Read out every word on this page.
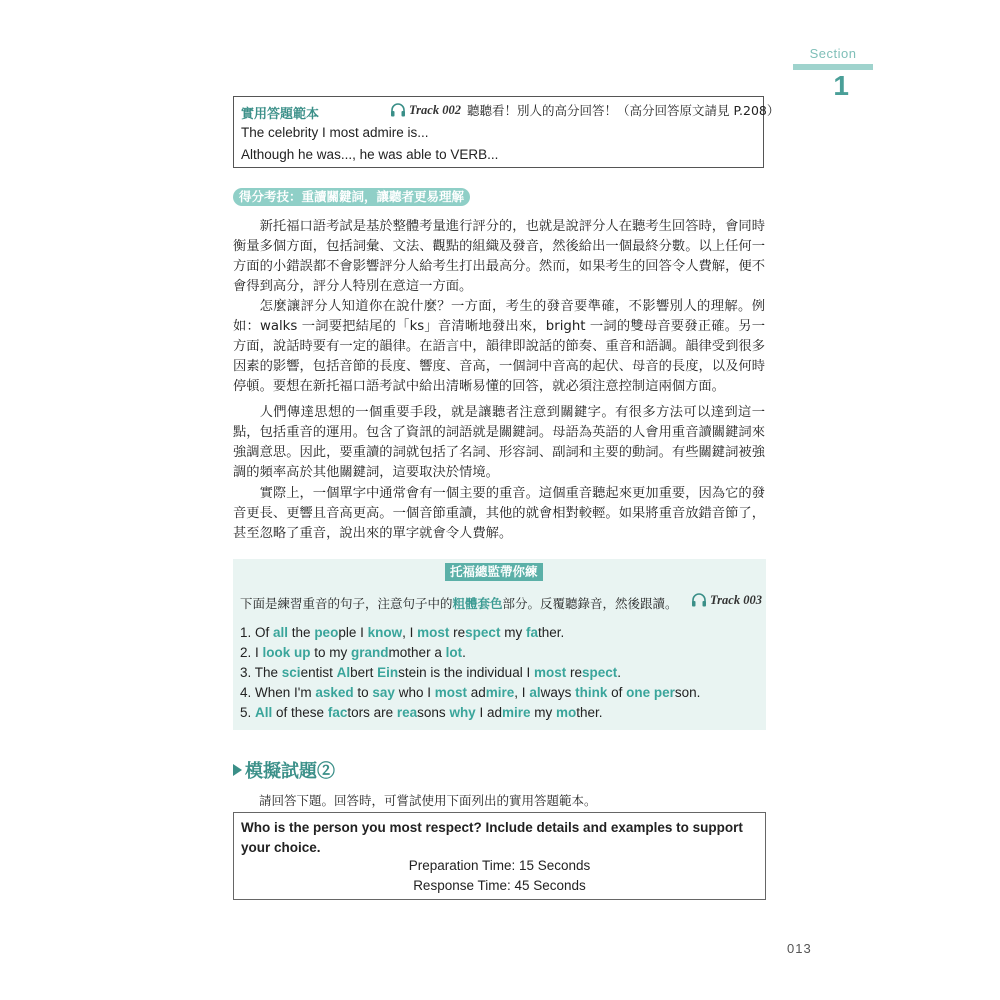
Section
1
實用答題範本	Track 002 聽聽看！別人的高分回答！（高分回答原文請見 P.208）
The celebrity I most admire is...
Although he was..., he was able to VERB...
得分考技：重讀關鍵詞，讓聽者更易理解

新托福口語考試是基於整體考量進行評分的，也就是說評分人在聽考生回答時，會同時衡量多個方面，包括詞彙、文法、觀點的組織及發音，然後給出一個最終分數。以上任何一方面的小錯誤都不會影響評分人給考生打出最高分。然而，如果考生的回答令人費解，便不會得到高分，評分人特別在意這一方面。

怎麼讓評分人知道你在說什麼？一方面，考生的發音要準確，不影響別人的理解。例如：walks 一詞要把結尾的「ks」音清晰地發出來，bright 一詞的雙母音要發正確。另一方面，說話時要有一定的韻律。在語言中，韻律即說話的節奏、重音和語調。韻律受到很多因素的影響，包括音節的長度、響度、音高，一個詞中音高的起伏、母音的長度，以及何時停頓。要想在新托福口語考試中給出清晰易懂的回答，就必須注意控制這兩個方面。

人們傳達思想的一個重要手段，就是讓聽者注意到關鍵字。有很多方法可以達到這一點，包括重音的運用。包含了資訊的詞語就是關鍵詞。母語為英語的人會用重音讀關鍵詞來強調意思。因此，要重讀的詞就包括了名詞、形容詞、副詞和主要的動詞。有些關鍵詞被強調的頻率高於其他關鍵詞，這要取決於情境。

實際上，一個單字中通常會有一個主要的重音。這個重音聽起來更加重要，因為它的發音更長、更響且音高更高。一個音節重讀，其他的就會相對較輕。如果將重音放錯音節了，甚至忽略了重音，說出來的單字就會令人費解。

托福總監帶你練
下面是練習重音的句子，注意句子中的粗體套色部分。反覆聽錄音，然後跟讀。	Track 003
1. Of all the people I know, I most respect my father.
2. I look up to my grandmother a lot.
3. The scientist Albert Einstein is the individual I most respect.
4. When I'm asked to say who I most admire, I always think of one person.
5. All of these factors are reasons why I admire my mother.
模擬試題②
請回答下題。回答時，可嘗試使用下面列出的實用答題範本。
Who is the person you most respect? Include details and examples to support your choice.
Preparation Time: 15 Seconds
Response Time: 45 Seconds
013
